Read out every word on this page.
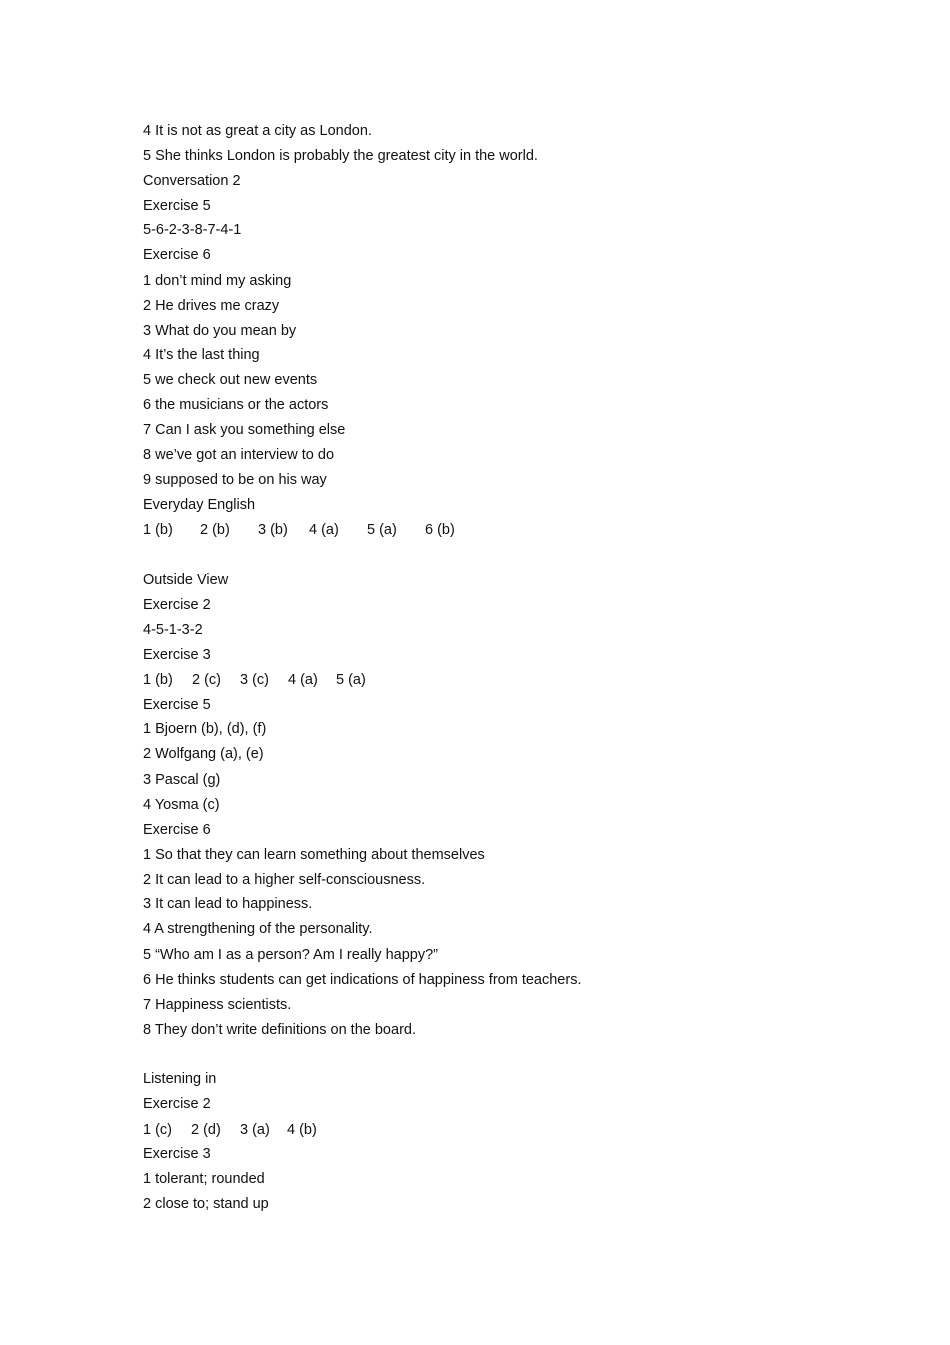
4 It is not as great a city as London.
5 She thinks London is probably the greatest city in the world.
Conversation 2
Exercise 5
5-6-2-3-8-7-4-1
Exercise 6
1 don’t mind my asking
2 He drives me crazy
3 What do you mean by
4 It’s the last thing
5 we check out new events
6 the musicians or the actors
7 Can I ask you something else
8 we’ve got an interview to do
9 supposed to be on his way
Everyday English
1 (b) 2 (b) 3 (b) 4 (a) 5 (a) 6 (b)
Outside View
Exercise 2
4-5-1-3-2
Exercise 3
1 (b) 2 (c) 3 (c) 4 (a) 5 (a)
Exercise 5
1 Bjoern (b), (d), (f)
2 Wolfgang (a), (e)
3 Pascal (g)
4 Yosma (c)
Exercise 6
1 So that they can learn something about themselves
2 It can lead to a higher self-consciousness.
3 It can lead to happiness.
4 A strengthening of the personality.
5 “Who am I as a person? Am I really happy?”
6 He thinks students can get indications of happiness from teachers.
7 Happiness scientists.
8 They don’t write definitions on the board.
Listening in
Exercise 2
1 (c) 2 (d) 3 (a) 4 (b)
Exercise 3
1 tolerant; rounded
2 close to; stand up
